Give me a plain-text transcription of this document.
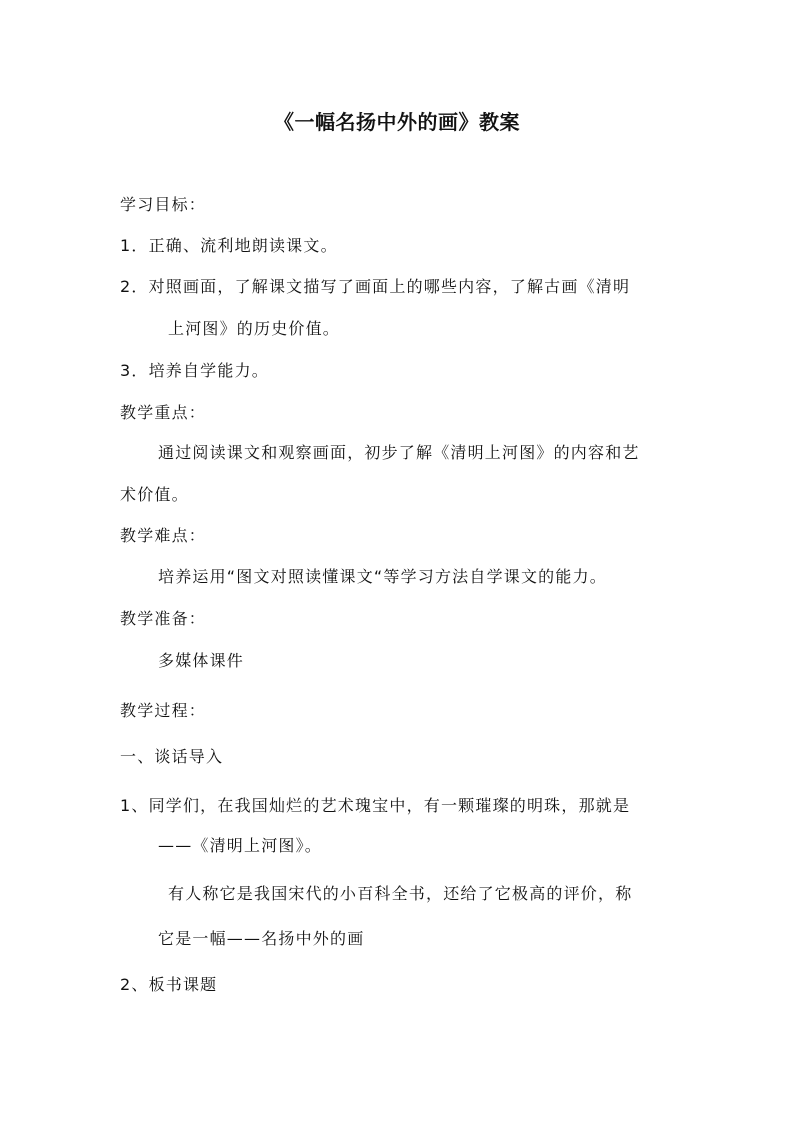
《一幅名扬中外的画》教案
学习目标：
1．正确、流利地朗读课文。
2．对照画面，了解课文描写了画面上的哪些内容，了解古画《清明
上河图》的历史价值。
3．培养自学能力。
教学重点：
通过阅读课文和观察画面，初步了解《清明上河图》的内容和艺
术价值。
教学难点：
培养运用“图文对照读懂课文“等学习方法自学课文的能力。
教学准备：
多媒体课件
教学过程：
一、谈话导入
1、同学们，在我国灿烂的艺术瑰宝中，有一颗璀璨的明珠，那就是
——《清明上河图》。
有人称它是我国宋代的小百科全书，还给了它极高的评价，称
它是一幅——名扬中外的画
2、板书课题
